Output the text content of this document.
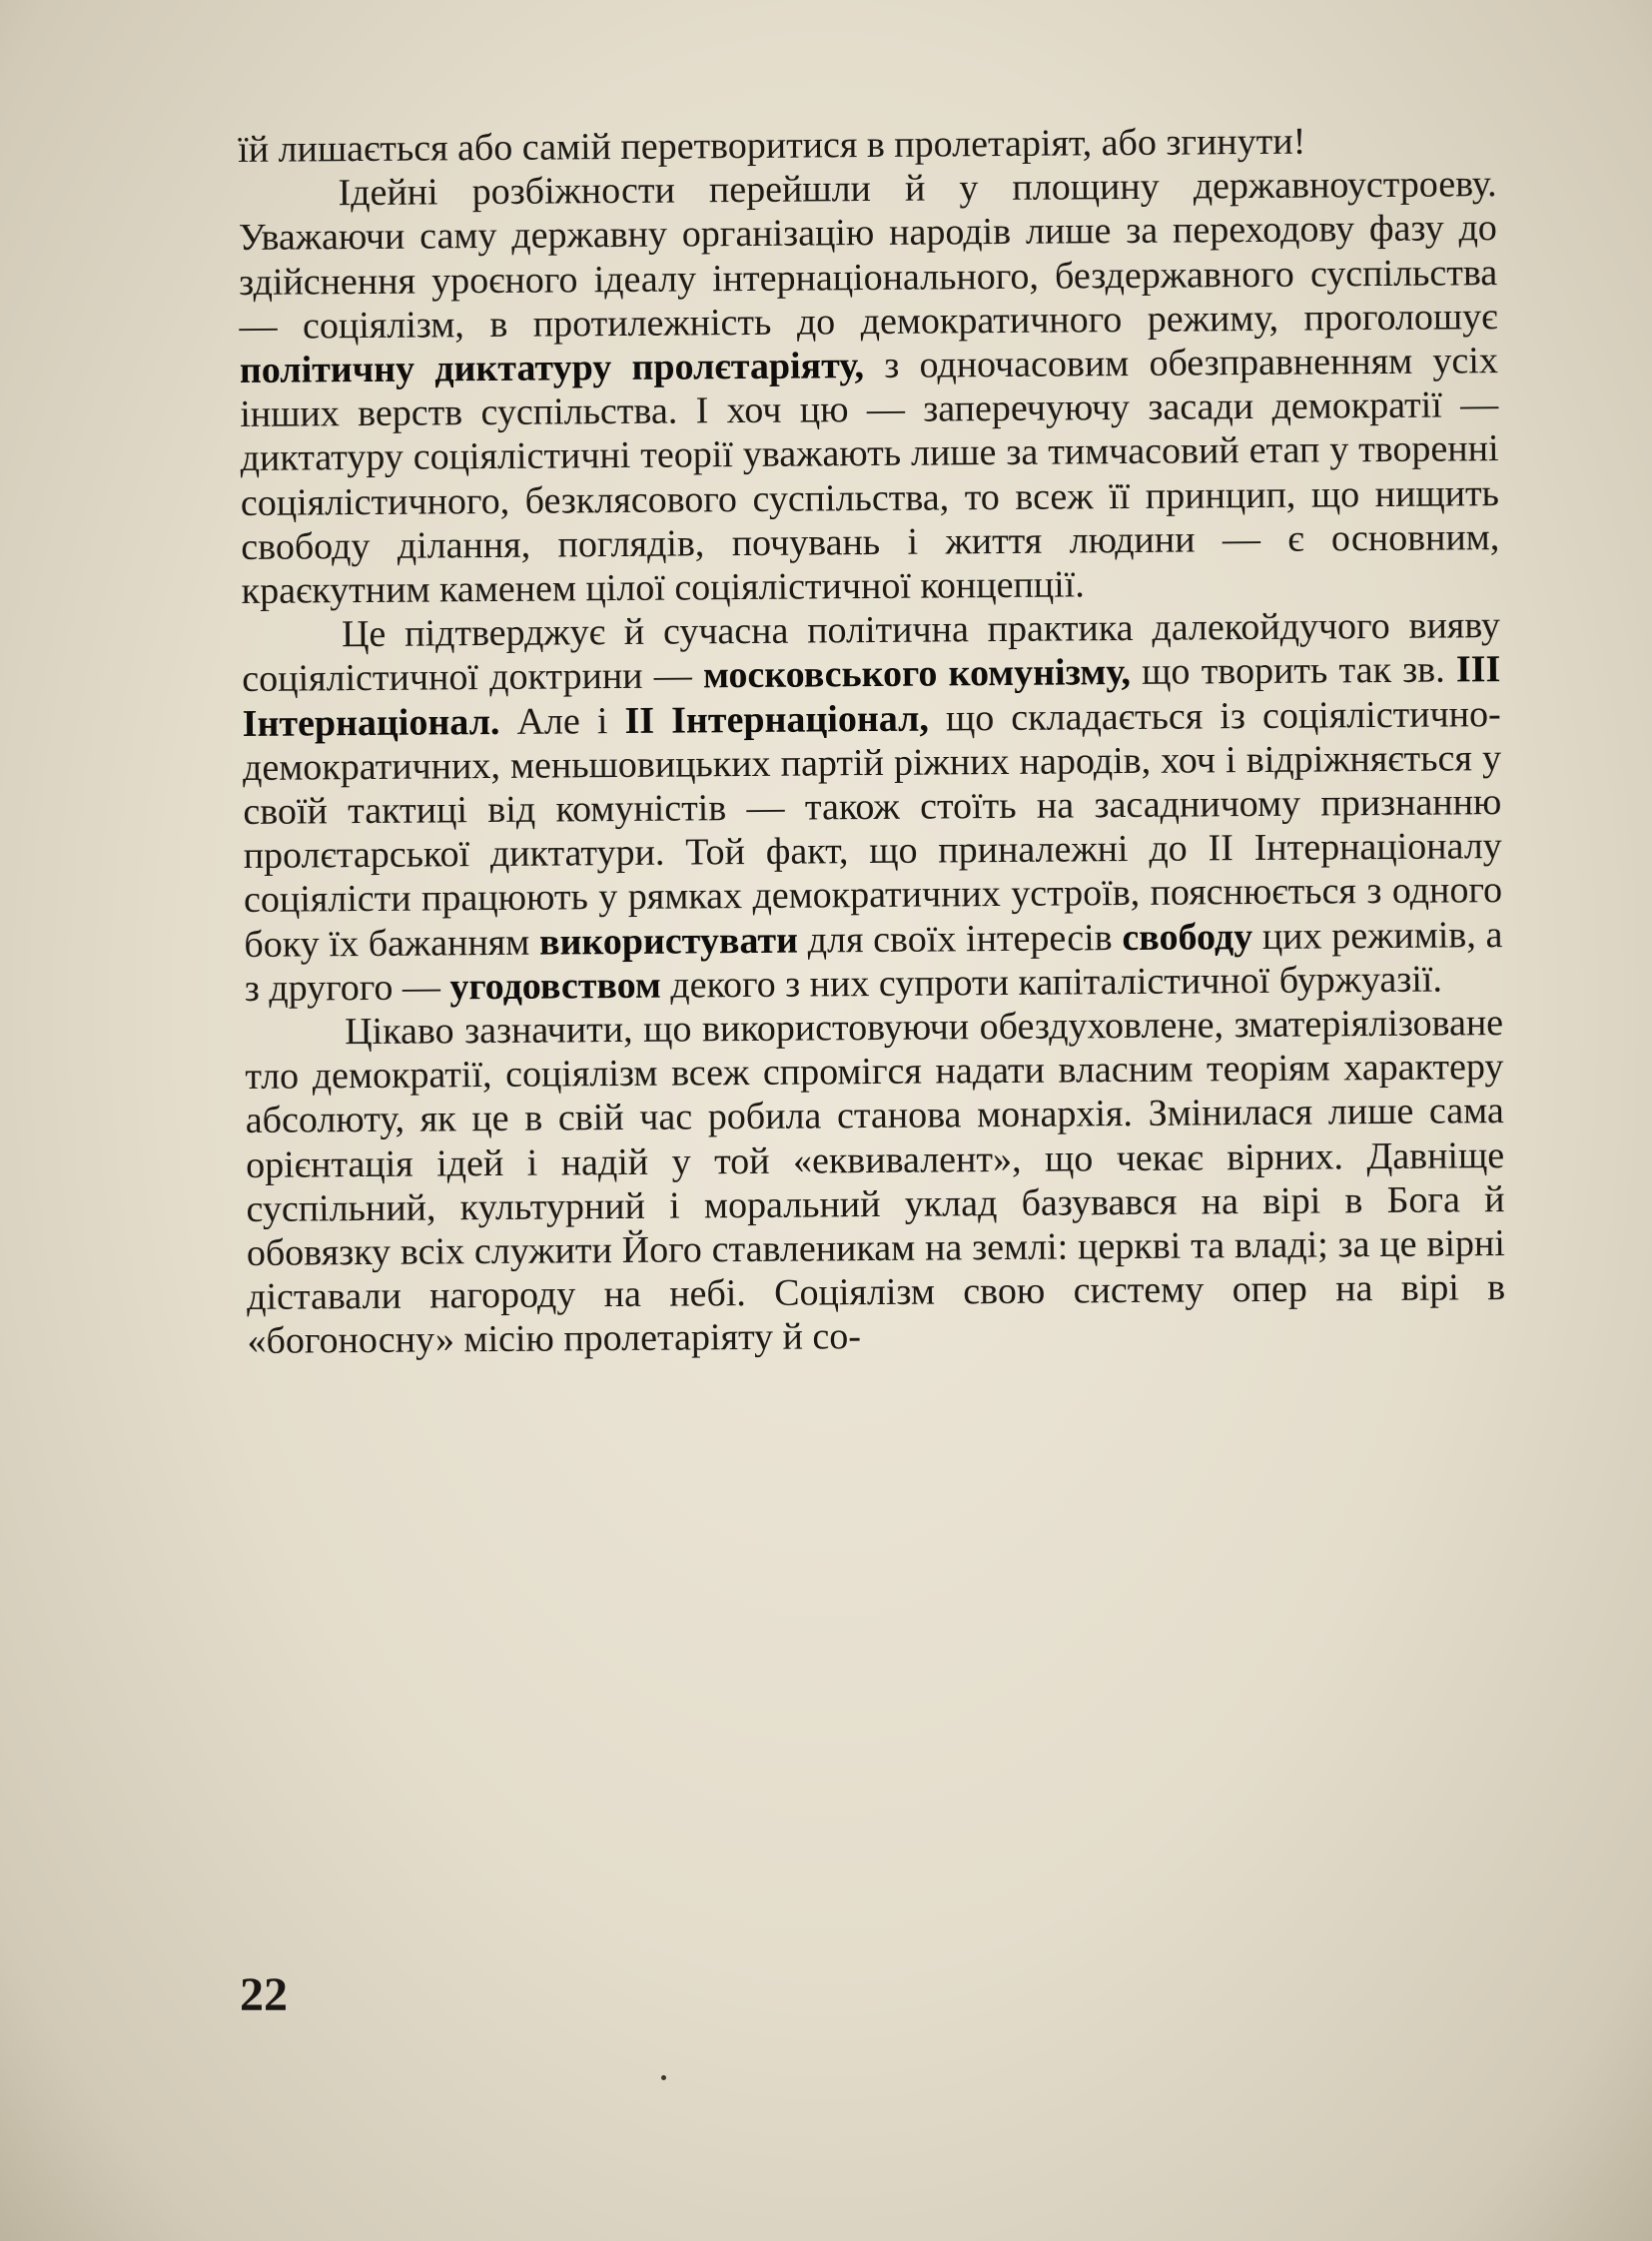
їй лишається або самій перетворитися в пролетаріят, або згинути!

Ідейні розбіжности перейшли й у площину державноустроеву. Уважаючи саму державну організацію народів лише за переходову фазу до здійснення уроєного ідеалу інтернаціонального, бездержавного суспільства — соціялізм, в протилежність до демократичного режиму, проголошує політичну диктатуру пролєтаріяту, з одночасовим обезправненням усіх інших верств суспільства. І хоч цю — заперечуючу засади демократії — диктатуру соціялістичні теорії уважають лише за тимчасовий етап у творенні соціялістичного, безклясового суспільства, то всеж її принцип, що нищить свободу ділання, поглядів, почувань і життя людини — є основним, краєкутним каменем цілої соціялістичної концепції.

Це підтверджує й сучасна політична практика далекойдучого вияву соціялістичної доктрини — московського комунізму, що творить так зв. III Інтернаціонал. Але і II Інтернаціонал, що складається із соціялістично-демократичних, меньшовицьких партій ріжних народів, хоч і відріжняється у своїй тактиці від комуністів — також стоїть на засадничому признанню пролєтарської диктатури. Той факт, що приналежні до II Інтернаціоналу соціялісти працюють у рямках демократичних устроїв, пояснюється з одного боку їх бажанням використувати для своїх інтересів свободу цих режимів, а з другого — угодовством декого з них супроти капіталістичної буржуазії.

Цікаво зазначити, що використовуючи обездуховлене, зматеріялізоване тло демократії, соціялізм всеж спромігся надати власним теоріям характеру абсолюту, як це в свій час робила станова монархія. Змінилася лише сама орієнтація ідей і надій у той «еквивалент», що чекає вірних. Давніще суспільний, культурний і моральний уклад базувався на вірі в Бога й обовязку всіх служити Його ставленикам на землі: церкві та владі; за це вірні діставали нагороду на небі. Соціялізм свою систему опер на вірі в «богоносну» місію пролетаріяту й со-

22
